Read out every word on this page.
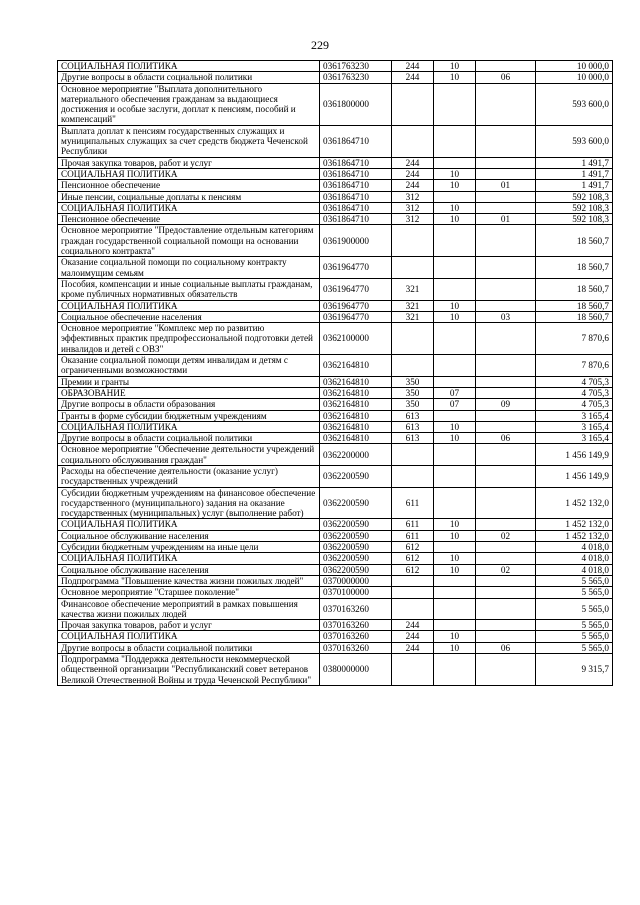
229
СОЦИАЛЬНАЯ ПОЛИТИКА	0361763230	244	10		10 000,0
Другие вопросы в области социальной политики	0361763230	244	10	06	10 000,0
Основное мероприятие "Выплата дополнительного материального обеспечения гражданам за выдающиеся достижения и особые заслуги, доплат к пенсиям, пособий и компенсаций"	0361800000				593 600,0
Выплата доплат к пенсиям государственных служащих и муниципальных служащих за счет средств бюджета Чеченской Республики	0361864710				593 600,0
Прочая закупка товаров, работ и услуг	0361864710	244			1 491,7
СОЦИАЛЬНАЯ ПОЛИТИКА	0361864710	244	10		1 491,7
Пенсионное обеспечение	0361864710	244	10	01	1 491,7
Иные пенсии, социальные доплаты к пенсиям	0361864710	312			592 108,3
СОЦИАЛЬНАЯ ПОЛИТИКА	0361864710	312	10		592 108,3
Пенсионное обеспечение	0361864710	312	10	01	592 108,3
Основное мероприятие "Предоставление отдельным категориям граждан государственной социальной помощи на основании социального контракта"	0361900000				18 560,7
Оказание социальной помощи по социальному контракту малоимущим семьям	0361964770				18 560,7
Пособия, компенсации и иные социальные выплаты гражданам, кроме публичных нормативных обязательств	0361964770	321			18 560,7
СОЦИАЛЬНАЯ ПОЛИТИКА	0361964770	321	10		18 560,7
Социальное обеспечение населения	0361964770	321	10	03	18 560,7
Основное мероприятие "Комплекс мер по развитию эффективных практик предпрофессиональной подготовки детей инвалидов и детей с ОВЗ"	0362100000				7 870,6
Оказание социальной помощи детям инвалидам и детям с ограниченными возможностями	0362164810				7 870,6
Премии и гранты	0362164810	350			4 705,3
ОБРАЗОВАНИЕ	0362164810	350	07		4 705,3
Другие вопросы в области образования	0362164810	350	07	09	4 705,3
Гранты в форме субсидии бюджетным учреждениям	0362164810	613			3 165,4
СОЦИАЛЬНАЯ ПОЛИТИКА	0362164810	613	10		3 165,4
Другие вопросы в области социальной политики	0362164810	613	10	06	3 165,4
Основное мероприятие "Обеспечение деятельности учреждений социального обслуживания граждан"	0362200000				1 456 149,9
Расходы на обеспечение деятельности (оказание услуг) государственных учреждений	0362200590				1 456 149,9
Субсидии бюджетным учреждениям на финансовое обеспечение государственного (муниципального) задания на оказание государственных (муниципальных) услуг (выполнение работ)	0362200590	611			1 452 132,0
СОЦИАЛЬНАЯ ПОЛИТИКА	0362200590	611	10		1 452 132,0
Социальное обслуживание населения	0362200590	611	10	02	1 452 132,0
Субсидии бюджетным учреждениям на иные цели	0362200590	612			4 018,0
СОЦИАЛЬНАЯ ПОЛИТИКА	0362200590	612	10		4 018,0
Социальное обслуживание населения	0362200590	612	10	02	4 018,0
Подпрограмма "Повышение качества жизни пожилых людей"	0370000000				5 565,0
Основное мероприятие "Старшее поколение"	0370100000				5 565,0
Финансовое обеспечение мероприятий в рамках повышения качества жизни пожилых людей	0370163260				5 565,0
Прочая закупка товаров, работ и услуг	0370163260	244			5 565,0
СОЦИАЛЬНАЯ ПОЛИТИКА	0370163260	244	10		5 565,0
Другие вопросы в области социальной политики	0370163260	244	10	06	5 565,0
Подпрограмма "Поддержка деятельности некоммерческой общественной организации "Республиканский совет ветеранов Великой Отечественной Войны и труда Чеченской Республики"	0380000000				9 315,7
